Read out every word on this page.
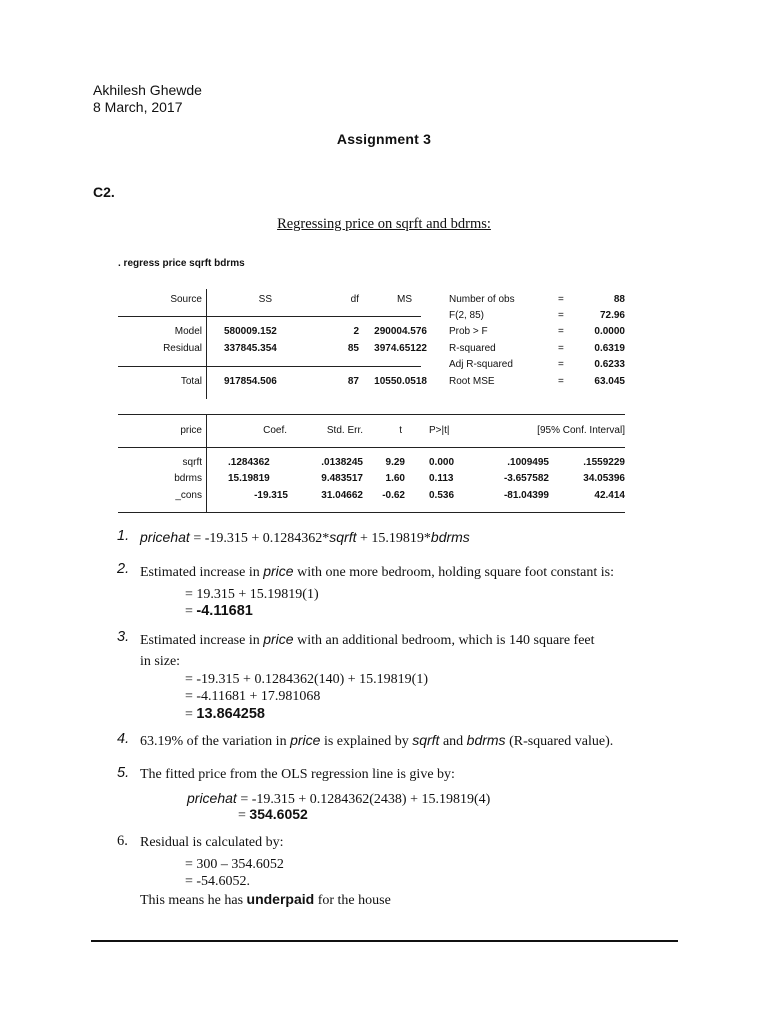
Akhilesh Ghewde
8 March, 2017
Assignment 3
C2.
Regressing price on sqrft and bdrms:
. regress price sqrft bdrms
Source	SS	df	MS
Model 580009.152	2	290004.576
Residual 337845.354	85	3974.65122
Total 917854.506	87	10550.0518
Number of obs	=	88
F(2, 85)	=	72.96
Prob > F	=	0.0000
R-squared	=	0.6319
Adj R-squared	=	0.6233
Root MSE	=	63.045
price	Coef.	Std. Err.	t	P>|t|	[95% Conf. Interval]
sqrft	.1284362	.0138245	9.29 0.000	.1009495	.1559229
bdrms	15.19819	9.483517	1.60 0.113	-3.657582	34.05396
_cons	-19.315	31.04662	-0.62 0.536	-81.04399	42.414
1. pricehat = -19.315 + 0.1284362*sqrft + 15.19819*bdrms
2. Estimated increase in price with one more bedroom, holding square foot constant is:
= 19.315 + 15.19819(1)
= -4.11681
3. Estimated increase in price with an additional bedroom, which is 140 square feet
in size:
= -19.315 + 0.1284362(140) + 15.19819(1)
= -4.11681 + 17.981068
= 13.864258
4. 63.19% of the variation in price is explained by sqrft and bdrms (R-squared value).
5. The fitted price from the OLS regression line is give by:
pricehat = -19.315 + 0.1284362(2438) + 15.19819(4)
= 354.6052
6. Residual is calculated by:
= 300 – 354.6052
= -54.6052.
This means he has underpaid for the house
